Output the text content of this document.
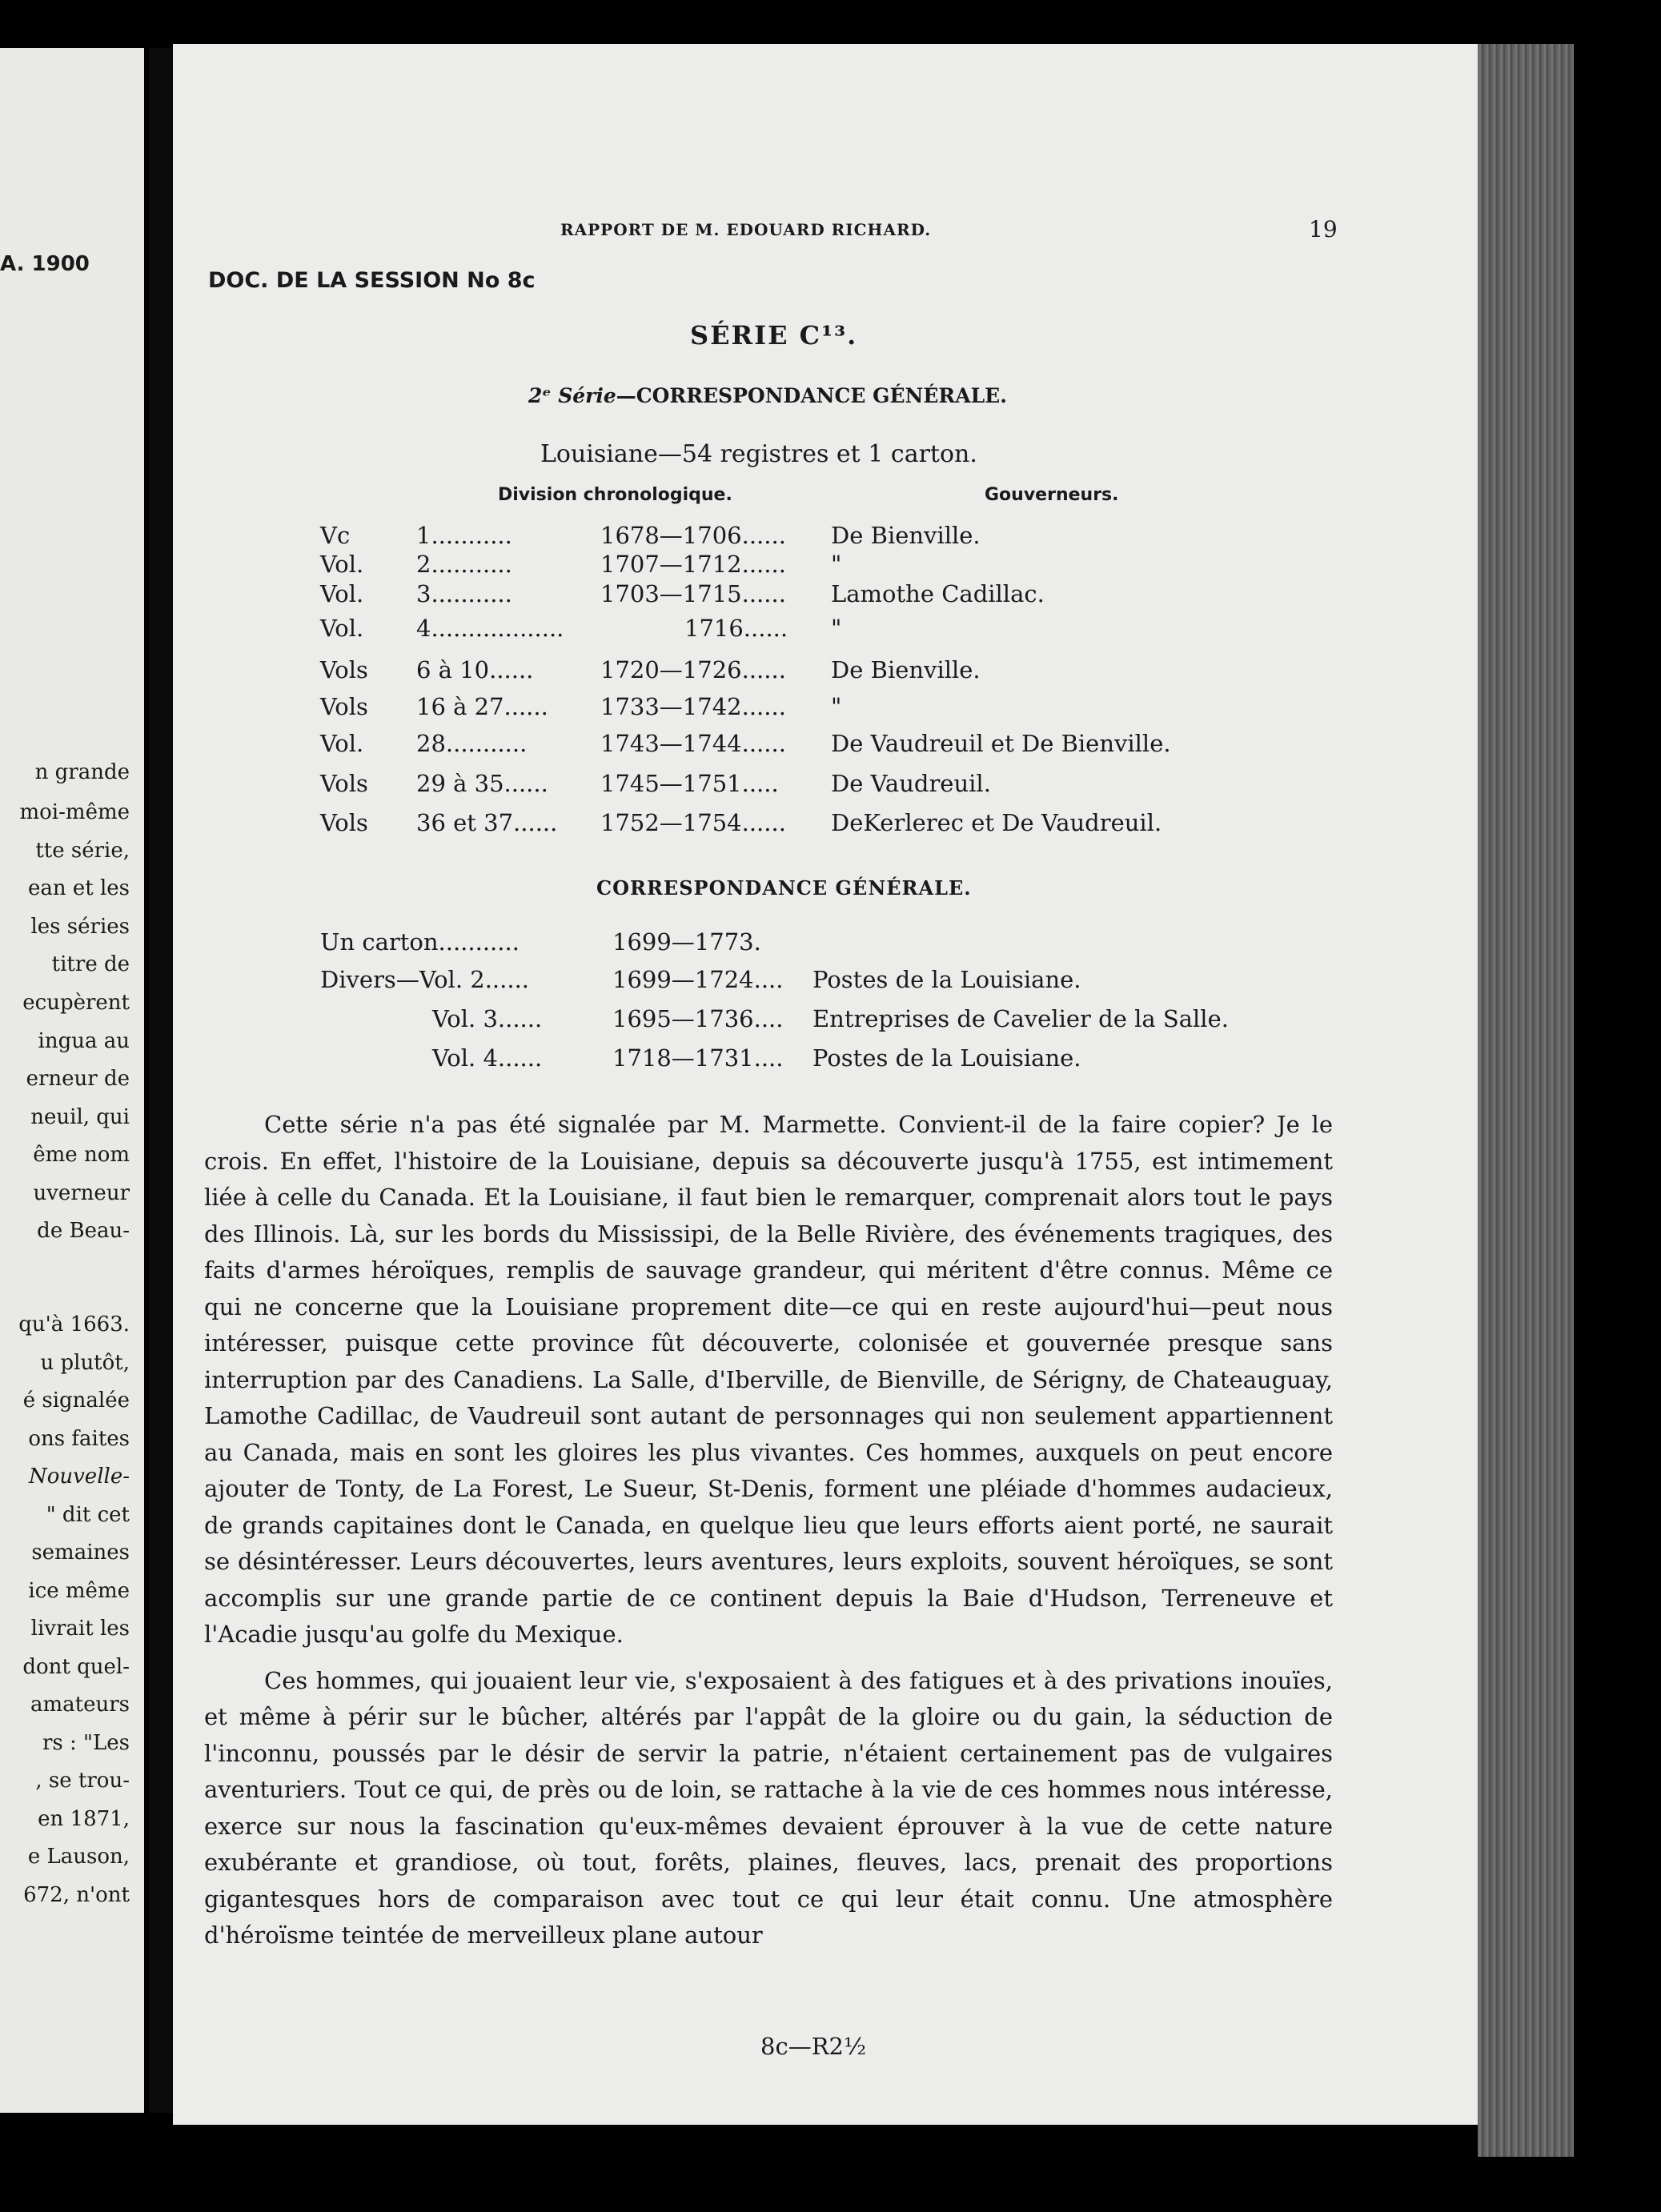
A. 1900
n grande
moi-même
tte série,
ean et les
les séries
titre de
ecupèrent
ingua au
erneur de
neuil, qui
ême nom
uverneur
de Beau-
qu'à 1663.
u plutôt,
é signalée
ons faites
Nouvelle-
" dit cet
semaines
ice même
livrait les
dont quel-
amateurs
rs : "Les
, se trou-
en 1871,
e Lauson,
672, n'ont
RAPPORT DE M. EDOUARD RICHARD.	19
DOC. DE LA SESSION No 8c
SÉRIE C¹³.
2ᵉ Série—CORRESPONDANCE GÉNÉRALE.
Louisiane—54 registres et 1 carton.
Division chronologique.	Gouverneurs.
Vc	1...........	1678—1706...... De Bienville.
Vol. 2...........	1707—1712...... "
Vol. 3...........	1703—1715...... Lamothe Cadillac.
Vol. 4..................	1716...... "
Vols 6 à 10......	1720—1726...... De Bienville.
Vols 16 à 27...... 1733—1742...... "
Vol. 28...........	1743—1744...... De Vaudreuil et De Bienville.
Vols 29 à 35...... 1745—1751..... De Vaudreuil.
Vols 36 et 37...... 1752—1754...... DeKerlerec et De Vaudreuil.
CORRESPONDANCE GÉNÉRALE.
Un carton...........	1699—1773.
Divers—Vol. 2......	1699—1724.... Postes de la Louisiane.
Vol. 3......	1695—1736.... Entreprises de Cavelier de la Salle.
Vol. 4......	1718—1731.... Postes de la Louisiane.

Cette série n'a pas été signalée par M. Marmette. Convient-il de la faire copier? Je le crois. En effet, l'histoire de la Louisiane, depuis sa découverte jusqu'à 1755, est intimement liée à celle du Canada. Et la Louisiane, il faut bien le remarquer, comprenait alors tout le pays des Illinois. Là, sur les bords du Mississipi, de la Belle Rivière, des événements tragiques, des faits d'armes héroïques, remplis de sauvage grandeur, qui méritent d'être connus. Même ce qui ne concerne que la Louisiane proprement dite—ce qui en reste aujourd'hui—peut nous intéresser, puisque cette province fût découverte, colonisée et gouvernée presque sans interruption par des Canadiens. La Salle, d'Iberville, de Bienville, de Sérigny, de Chateauguay, Lamothe Cadillac, de Vaudreuil sont autant de personnages qui non seulement appartiennent au Canada, mais en sont les gloires les plus vivantes. Ces hommes, auxquels on peut encore ajouter de Tonty, de La Forest, Le Sueur, St-Denis, forment une pléiade d'hommes audacieux, de grands capitaines dont le Canada, en quelque lieu que leurs efforts aient porté, ne saurait se désintéresser. Leurs découvertes, leurs aventures, leurs exploits, souvent héroïques, se sont accomplis sur une grande partie de ce continent depuis la Baie d'Hudson, Terreneuve et l'Acadie jusqu'au golfe du Mexique.

Ces hommes, qui jouaient leur vie, s'exposaient à des fatigues et à des privations inouïes, et même à périr sur le bûcher, altérés par l'appât de la gloire ou du gain, la séduction de l'inconnu, poussés par le désir de servir la patrie, n'étaient certainement pas de vulgaires aventuriers. Tout ce qui, de près ou de loin, se rattache à la vie de ces hommes nous intéresse, exerce sur nous la fascination qu'eux-mêmes devaient éprouver à la vue de cette nature exubérante et grandiose, où tout, forêts, plaines, fleuves, lacs, prenait des proportions gigantesques hors de comparaison avec tout ce qui leur était connu. Une atmosphère d'héroïsme teintée de merveilleux plane autour

8c—R2½
